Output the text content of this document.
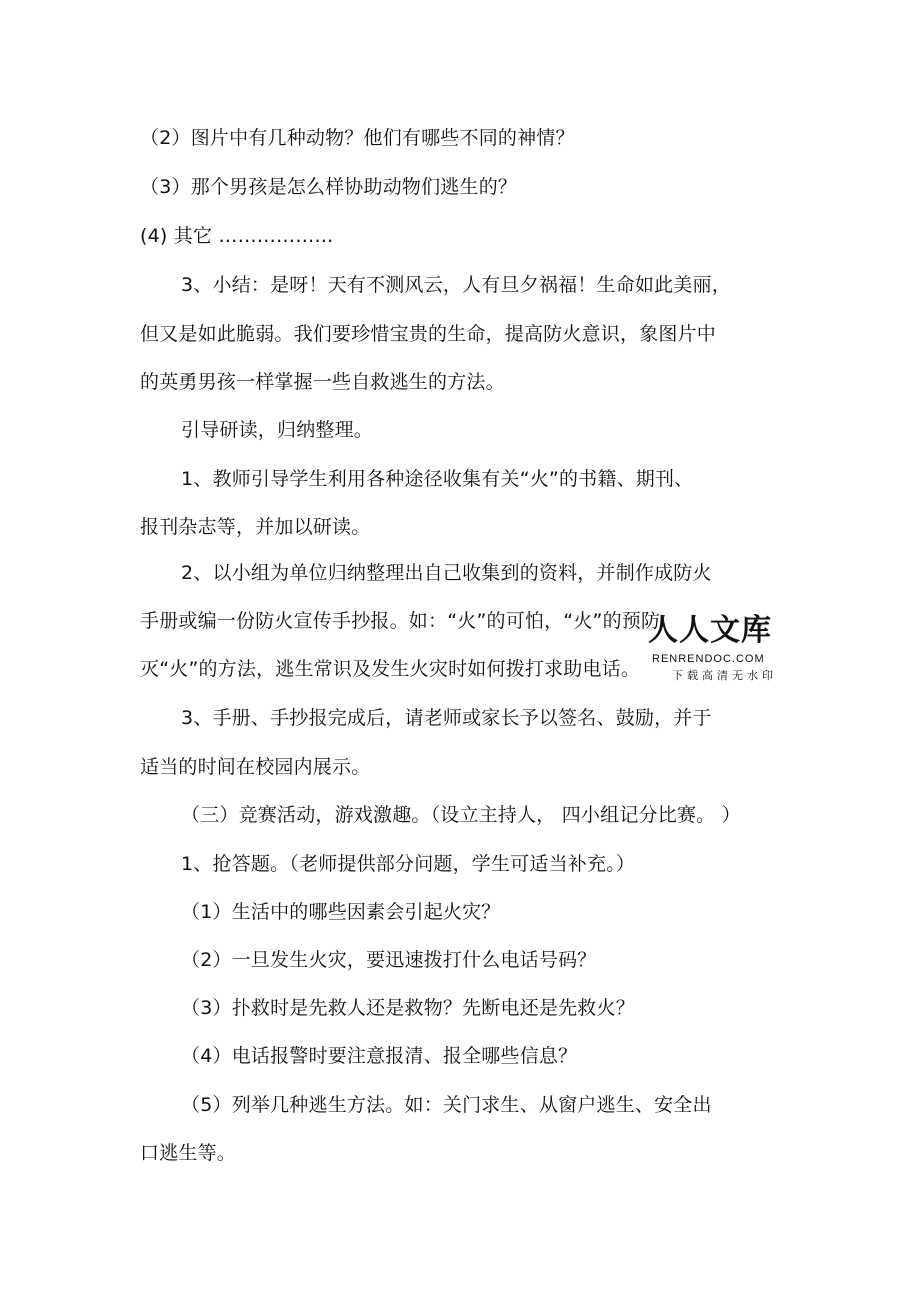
（2）图片中有几种动物？他们有哪些不同的神情？
（3）那个男孩是怎么样协助动物们逃生的？
(4) 其它 ………………
3、小结：是呀！天有不测风云，人有旦夕祸福！生命如此美丽，
但又是如此脆弱。我们要珍惜宝贵的生命，提高防火意识，象图片中
的英勇男孩一样掌握一些自救逃生的方法。
引导研读，归纳整理。
1、教师引导学生利用各种途径收集有关“火”的书籍、期刊、
报刊杂志等，并加以研读。
2、以小组为单位归纳整理出自己收集到的资料，并制作成防火
手册或编一份防火宣传手抄报。如：“火”的可怕，“火”的预防、
灭“火”的方法，逃生常识及发生火灾时如何拨打求助电话。
3、手册、手抄报完成后，请老师或家长予以签名、鼓励，并于
适当的时间在校园内展示。
（三）竞赛活动，游戏激趣。（设立主持人， 四小组记分比赛。 ）
1、抢答题。（老师提供部分问题，学生可适当补充。）
（1）生活中的哪些因素会引起火灾？
（2）一旦发生火灾，要迅速拨打什么电话号码？
（3）扑救时是先救人还是救物？先断电还是先救火？
（4）电话报警时要注意报清、报全哪些信息？
（5）列举几种逃生方法。如：关门求生、从窗户逃生、安全出
口逃生等。
人人文库
RENRENDOC.COM
下载高清无水印
